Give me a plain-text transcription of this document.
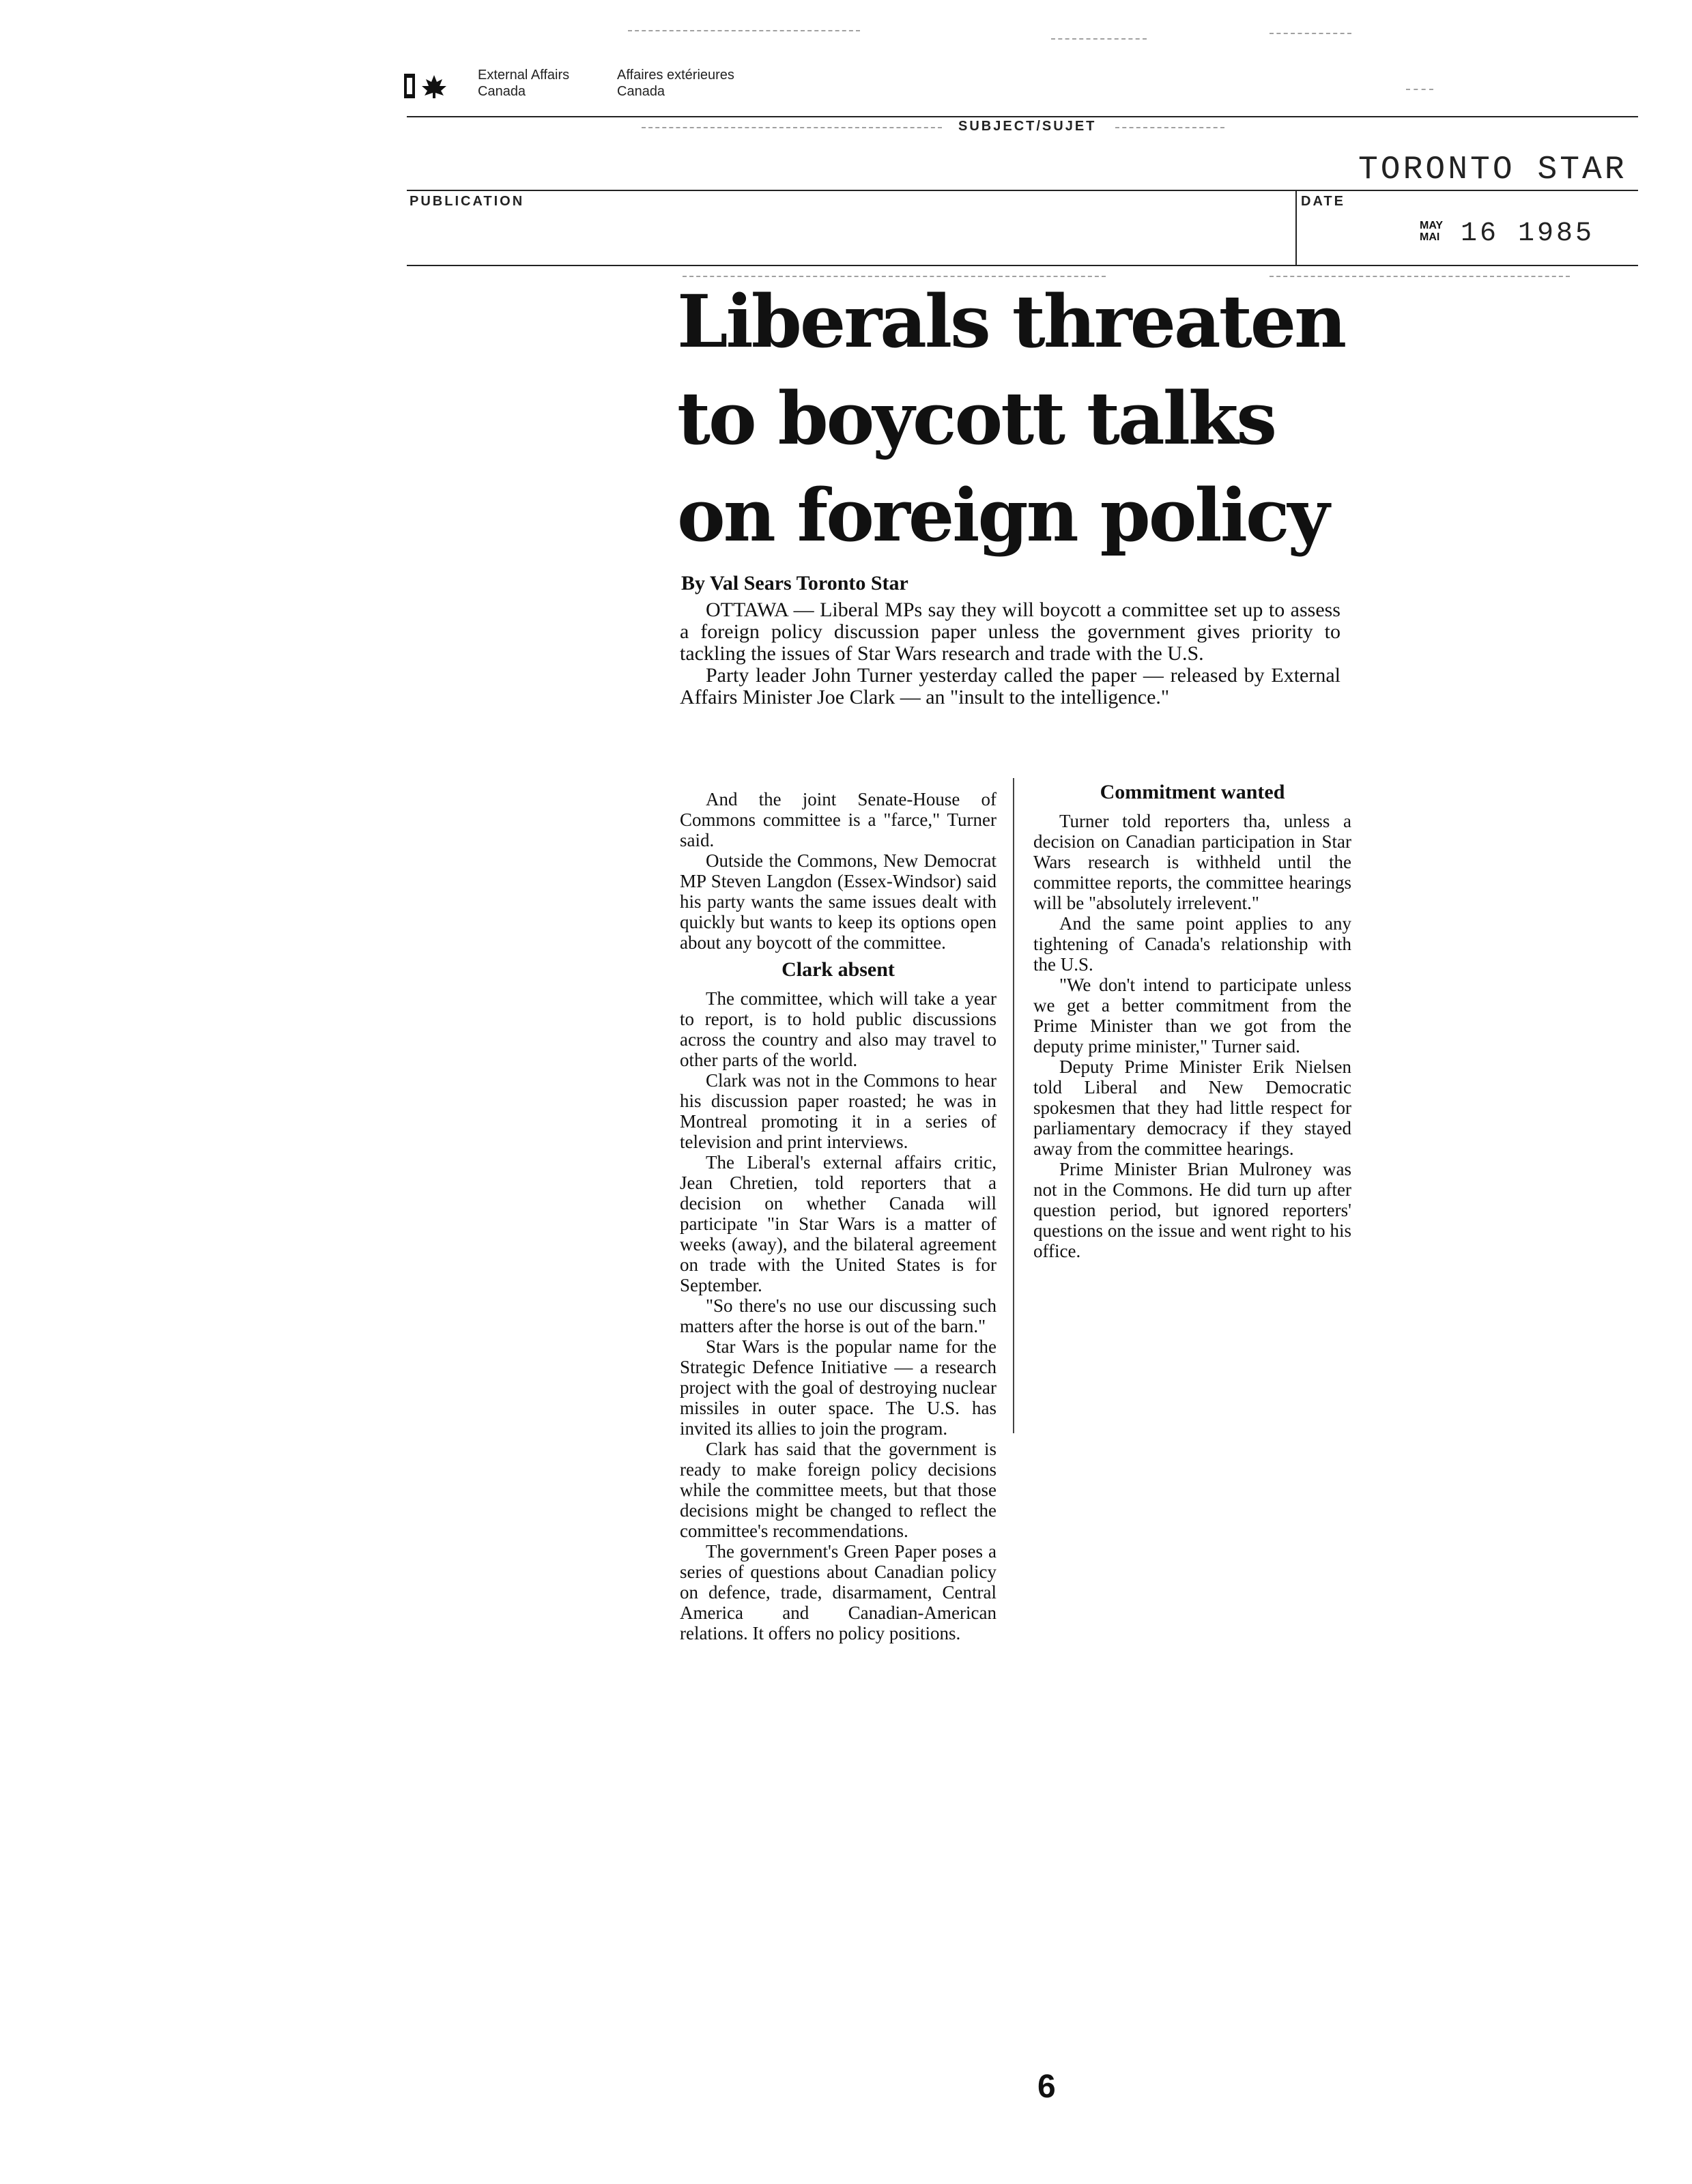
External Affairs
Canada
Affaires extérieures
Canada
SUBJECT/SUJET
TORONTO STAR
PUBLICATION	DATE
MAY
MAI 16 1985
Liberals threaten
to boycott talks
on foreign policy
By Val Sears Toronto Star

OTTAWA — Liberal MPs say they will boycott a committee set up to assess a foreign policy discussion paper unless the government gives priority to tackling the issues of Star Wars research and trade with the U.S.

Party leader John Turner yesterday called the paper — released by External Affairs Minister Joe Clark — an "insult to the intelligence."

And the joint Senate-House of Commons committee is a "farce," Turner said.

Outside the Commons, New Democrat MP Steven Langdon (Essex-Windsor) said his party wants the same issues dealt with quickly but wants to keep its options open about any boycott of the committee.

Clark absent

The committee, which will take a year to report, is to hold public discussions across the country and also may travel to other parts of the world.

Clark was not in the Commons to hear his discussion paper roasted; he was in Montreal promoting it in a series of television and print interviews.

The Liberal's external affairs critic, Jean Chretien, told reporters that a decision on whether Canada will participate "in Star Wars is a matter of weeks (away), and the bilateral agreement on trade with the United States is for September.

"So there's no use our discussing such matters after the horse is out of the barn."

Star Wars is the popular name for the Strategic Defence Initiative — a research project with the goal of destroying nuclear missiles in outer space. The U.S. has invited its allies to join the program.

Clark has said that the government is ready to make foreign policy decisions while the committee meets, but that those decisions might be changed to reflect the committee's recommendations.

The government's Green Paper poses a series of questions about Canadian policy on defence, trade, disarmament, Central America and Canadian-American relations. It offers no policy positions.

Commitment wanted

Turner told reporters tha, unless a decision on Canadian participation in Star Wars research is withheld until the committee reports, the committee hearings will be "absolutely irrelevent."

And the same point applies to any tightening of Canada's relationship with the U.S.

"We don't intend to participate unless we get a better commitment from the Prime Minister than we got from the deputy prime minister," Turner said.

Deputy Prime Minister Erik Nielsen told Liberal and New Democratic spokesmen that they had little respect for parliamentary democracy if they stayed away from the committee hearings.

Prime Minister Brian Mulroney was not in the Commons. He did turn up after question period, but ignored reporters' questions on the issue and went right to his office.

6
